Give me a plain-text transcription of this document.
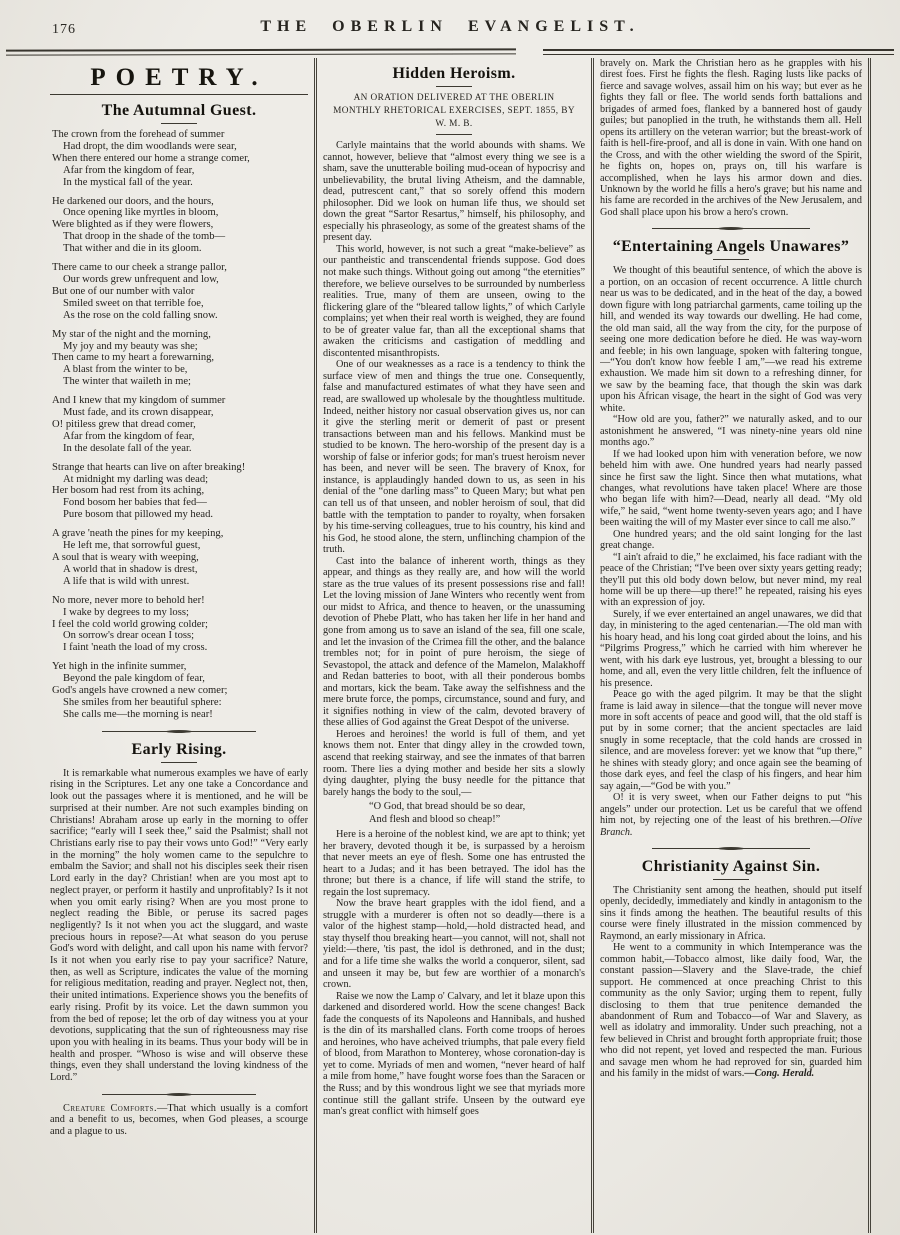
176	THE OBERLIN EVANGELIST.
POETRY.
The Autumnal Guest.
The crown from the forehead of summer
Had dropt, the dim woodlands were sear,
When there entered our home a strange comer,
Afar from the kingdom of fear,
In the mystical fall of the year.
He darkened our doors, and the hours,
Once opening like myrtles in bloom,
Were blighted as if they were flowers,
That droop in the shade of the tomb—
That wither and die in its gloom.
There came to our cheek a strange pallor,
Our words grew unfrequent and low,
But one of our number with valor
Smiled sweet on that terrible foe,
As the rose on the cold falling snow.
My star of the night and the morning,
My joy and my beauty was she;
Then came to my heart a forewarning,
A blast from the winter to be,
The winter that waileth in me;
And I knew that my kingdom of summer
Must fade, and its crown disappear,
O! pitiless grew that dread comer,
Afar from the kingdom of fear,
In the desolate fall of the year.
Strange that hearts can live on after breaking!
At midnight my darling was dead;
Her bosom had rest from its aching,
Fond bosom her babies that fed—
Pure bosom that pillowed my head.
A grave 'neath the pines for my keeping,
He left me, that sorrowful guest,
A soul that is weary with weeping,
A world that in shadow is drest,
A life that is wild with unrest.
No more, never more to behold her!
I wake by degrees to my loss;
I feel the cold world growing colder;
On sorrow's drear ocean I toss;
I faint 'neath the load of my cross.
Yet high in the infinite summer,
Beyond the pale kingdom of fear,
God's angels have crowned a new comer;
She smiles from her beautiful sphere:
She calls me—the morning is near!
Early Rising.

It is remarkable what numerous examples we have of early rising in the Scriptures. Let any one take a Concordance and look out the passages where it is mentioned, and he will be surprised at their number. Are not such examples binding on Christians! Abraham arose up early in the morning to offer sacrifice; “early will I seek thee,” said the Psalmist; shall not Christians early rise to pay their vows unto God!” “Very early in the morning” the holy women came to the sepulchre to embalm the Savior; and shall not his disciples seek their risen Lord early in the day? Christian! when are you most apt to neglect prayer, or perform it hastily and unprofitably? Is it not when you omit early rising? When are you most prone to neglect reading the Bible, or peruse its sacred pages negligently? Is it not when you act the sluggard, and waste precious hours in repose?—At what season do you peruse God's word with delight, and call upon his name with fervor? Is it not when you early rise to pay your sacrifice? Nature, then, as well as Scripture, indicates the value of the morning for religious meditation, reading and prayer. Neglect not, then, their united intimations. Experience shows you the benefits of early rising. Profit by its voice. Let the dawn summon you from the bed of repose; let the orb of day witness you at your devotions, supplicating that the sun of righteousness may rise upon you with healing in its beams. Thus your body will be in health and prosper. “Whoso is wise and will observe these things, even they shall understand the loving kindness of the Lord.”

Creature Comforts.—That which usually is a comfort and a benefit to us, becomes, when God pleases, a scourge and a plague to us.

Hidden Heroism.
AN ORATION DELIVERED AT THE OBERLIN MONTHLY RHETORICAL EXERCISES, SEPT. 1855, BY W. M. B.

Carlyle maintains that the world abounds with shams. We cannot, however, believe that “almost every thing we see is a sham, save the unutterable boiling mud-ocean of hypocrisy and unbelievability, the brutal living Atheism, and the damnable, dead, putrescent cant,” that so sorely offend this modern philosopher. Did we look on human life thus, we should set down the great “Sartor Resartus,” himself, his philosophy, and especially his phraseology, as some of the greatest shams of the present day.

This world, however, is not such a great “make-believe” as our pantheistic and transcendental friends suppose. God does not make such things. Without going out among “the eternities” therefore, we believe ourselves to be surrounded by numberless realities. True, many of them are unseen, owing to the flickering glare of the “bleared tallow lights,” of which Carlyle complains; yet when their real worth is weighed, they are found to be of greater value far, than all the exceptional shams that awaken the criticisms and castigation of meddling and discontented misanthropists.

One of our weaknesses as a race is a tendency to think the surface view of men and things the true one. Consequently, false and manufactured estimates of what they have seen and read, are swallowed up wholesale by the thoughtless multitude. Indeed, neither history nor casual observation gives us, nor can it give the sterling merit or demerit of past or present transactions between man and his fellows. Mankind must be studied to be known. The hero-worship of the present day is a worship of false or inferior gods; for man's truest heroism never has been, and never will be seen. The bravery of Knox, for instance, is applaudingly handed down to us, as seen in his denial of the “one darling mass” to Queen Mary; but what pen can tell us of that unseen, and nobler heroism of soul, that did battle with the temptation to pander to royalty, when forsaken by his time-serving colleagues, true to his country, his kind and his God, he stood alone, the stern, unflinching champion of the truth.

Cast into the balance of inherent worth, things as they appear, and things as they really are, and how will the world stare as the true values of its present possessions rise and fall! Let the loving mission of Jane Winters who recently went from our midst to Africa, and thence to heaven, or the unassuming devotion of Phebe Platt, who has taken her life in her hand and gone from among us to save an island of the sea, fill one scale, and let the invasion of the Crimea fill the other, and the balance trembles not; for in point of pure heroism, the siege of Sevastopol, the attack and defence of the Mamelon, Malakhoff and Redan batteries to boot, with all their ponderous bombs and mortars, kick the beam. Take away the selfishness and the mere brute force, the pomps, circumstance, sound and fury, and it signifies nothing in view of the calm, devoted bravery of these allies of God against the Great Despot of the universe.

Heroes and heroines! the world is full of them, and yet knows them not. Enter that dingy alley in the crowded town, ascend that reeking stairway, and see the inmates of that barren room. There lies a dying mother and beside her sits a slowly dying daughter, plying the busy needle for the pittance that barely hangs the body to the soul,—

“O God, that bread should be so dear,
And flesh and blood so cheap!”

Here is a heroine of the noblest kind, we are apt to think; yet her bravery, devoted though it be, is surpassed by a heroism that never meets an eye of flesh. Some one has entrusted the heart to a Judas; and it has been betrayed. The idol has the throne; but there is a chance, if life will stand the strife, to regain the lost supremacy.

Now the brave heart grapples with the idol fiend, and a struggle with a murderer is often not so deadly—there is a valor of the highest stamp—hold,—hold distracted head, and stay thyself thou breaking heart—you cannot, will not, shall not yield:—there, 'tis past, the idol is dethroned, and in the dust; and for a life time she walks the world a conqueror, silent, sad and unseen it may be, but few are worthier of a monarch's crown.

Raise we now the Lamp o' Calvary, and let it blaze upon this darkened and disordered world. How the scene changes! Back fade the conquests of its Napoleons and Hannibals, and hushed is the din of its marshalled clans. Forth come troops of heroes and heroines, who have acheived triumphs, that pale every field of blood, from Marathon to Monterey, whose coronation-day is yet to come. Myriads of men and women, “never heard of half a mile from home,” have fought worse foes than the Saracen or the Russ; and by this wondrous light we see that myriads more continue still the gallant strife. Unseen by the outward eye man's great conflict with himself goes

bravely on. Mark the Christian hero as he grapples with his direst foes. First he fights the flesh. Raging lusts like packs of fierce and savage wolves, assail him on his way; but ever as he fights they fall or flee. The world sends forth battalions and brigades of armed foes, flanked by a bannered host of gaudy guiles; but panoplied in the truth, he withstands them all. Hell opens its artillery on the veteran warrior; but the breast-work of faith is hell-fire-proof, and all is done in vain. With one hand on the Cross, and with the other wielding the sword of the Spirit, he fights on, hopes on, prays on, till his warfare is accomplished, when he lays his armor down and dies. Unknown by the world he fills a hero's grave; but his name and his fame are recorded in the archives of the New Jerusalem, and God shall place upon his brow a hero's crown.

“Entertaining Angels Unawares”

We thought of this beautiful sentence, of which the above is a portion, on an occasion of recent occurrence. A little church near us was to be dedicated, and in the heat of the day, a bowed down figure with long patriarchal garments, came toiling up the hill, and wended its way towards our dwelling. He had come, the old man said, all the way from the city, for the purpose of seeing one more dedication before he died. He was way-worn and feeble; in his own language, spoken with faltering tongue,—“You don't know how feeble I am,”—we read his extreme exhaustion. We made him sit down to a refreshing dinner, for we saw by the beaming face, that though the skin was dark upon his African visage, the heart in the sight of God was very white.

“How old are you, father?” we naturally asked, and to our astonishment he answered, “I was ninety-nine years old nine months ago.”

If we had looked upon him with veneration before, we now beheld him with awe. One hundred years had nearly passed since he first saw the light. Since then what mutations, what changes, what revolutions have taken place! Where are those who began life with him?—Dead, nearly all dead. “My old wife,” he said, “went home twenty-seven years ago; and I have been waiting the will of my Master ever since to call me also.”

One hundred years; and the old saint longing for the last great change.

“I ain't afraid to die,” he exclaimed, his face radiant with the peace of the Christian; “I've been over sixty years getting ready; they'll put this old body down below, but never mind, my real home will be up there—up there!” he repeated, raising his eyes with an expression of joy.

Surely, if we ever entertained an angel unawares, we did that day, in ministering to the aged centenarian.—The old man with his hoary head, and his long coat girded about the loins, and his “Pilgrims Progress,” which he carried with him wherever he went, with his dark eye lustrous, yet, brought a blessing to our home, and all, even the very little children, felt the influence of his presence.

Peace go with the aged pilgrim. It may be that the slight frame is laid away in silence—that the tongue will never move more in soft accents of peace and good will, that the old staff is put by in some corner; that the ancient spectacles are laid snugly in some receptacle, that the cold hands are crossed in silence, and are moveless forever: yet we know that “up there,” he shines with steady glory; and once again see the beaming of those dark eyes, and feel the clasp of his fingers, and hear him say again,—“God be with you.”

O! it is very sweet, when our Father deigns to put “his angels” under our protection. Let us be careful that we offend him not, by rejecting one of the least of his brethren.—Olive Branch.

Christianity Against Sin.

The Christianity sent among the heathen, should put itself openly, decidedly, immediately and kindly in antagonism to the sins it finds among the heathen. The beautiful results of this course were finely illustrated in the mission commenced by Raymond, an early missionary in Africa.

He went to a community in which Intemperance was the common habit,—Tobacco almost, like daily food, War, the constant passion—Slavery and the Slave-trade, the chief support. He commenced at once preaching Christ to this community as the only Savior; urging them to repent, fully disclosing to them that true penitence demanded the abandonment of Rum and Tobacco—of War and Slavery, as well as idolatry and immorality. Under such preaching, not a few believed in Christ and brought forth appropriate fruit; those who did not repent, yet loved and respected the man. Furious and savage men whom he had reproved for sin, guarded him and his family in the midst of wars.—Cong. Herald.
